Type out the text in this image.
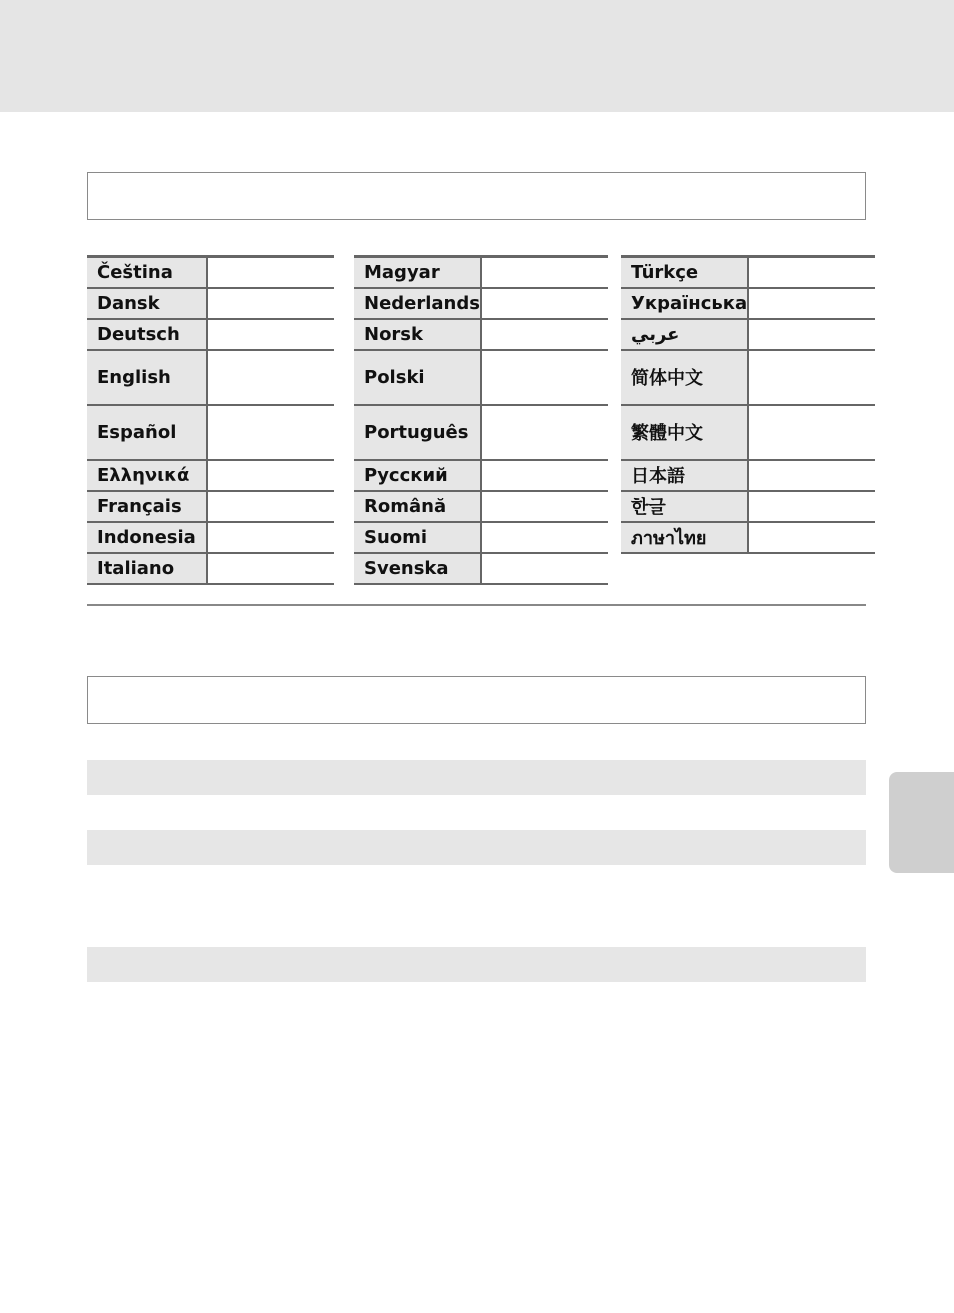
Čeština	
Dansk	
Deutsch	
English	
Español	
Ελληνικά	
Français	
Indonesia	
Italiano	
Magyar	
Nederlands	
Norsk	
Polski	
Português	
Русский	
Română	
Suomi	
Svenska	
Türkçe	
Українська	
عربي	
简体中文	
繁體中文	
日本語	
한글	
ภาษาไทย	
